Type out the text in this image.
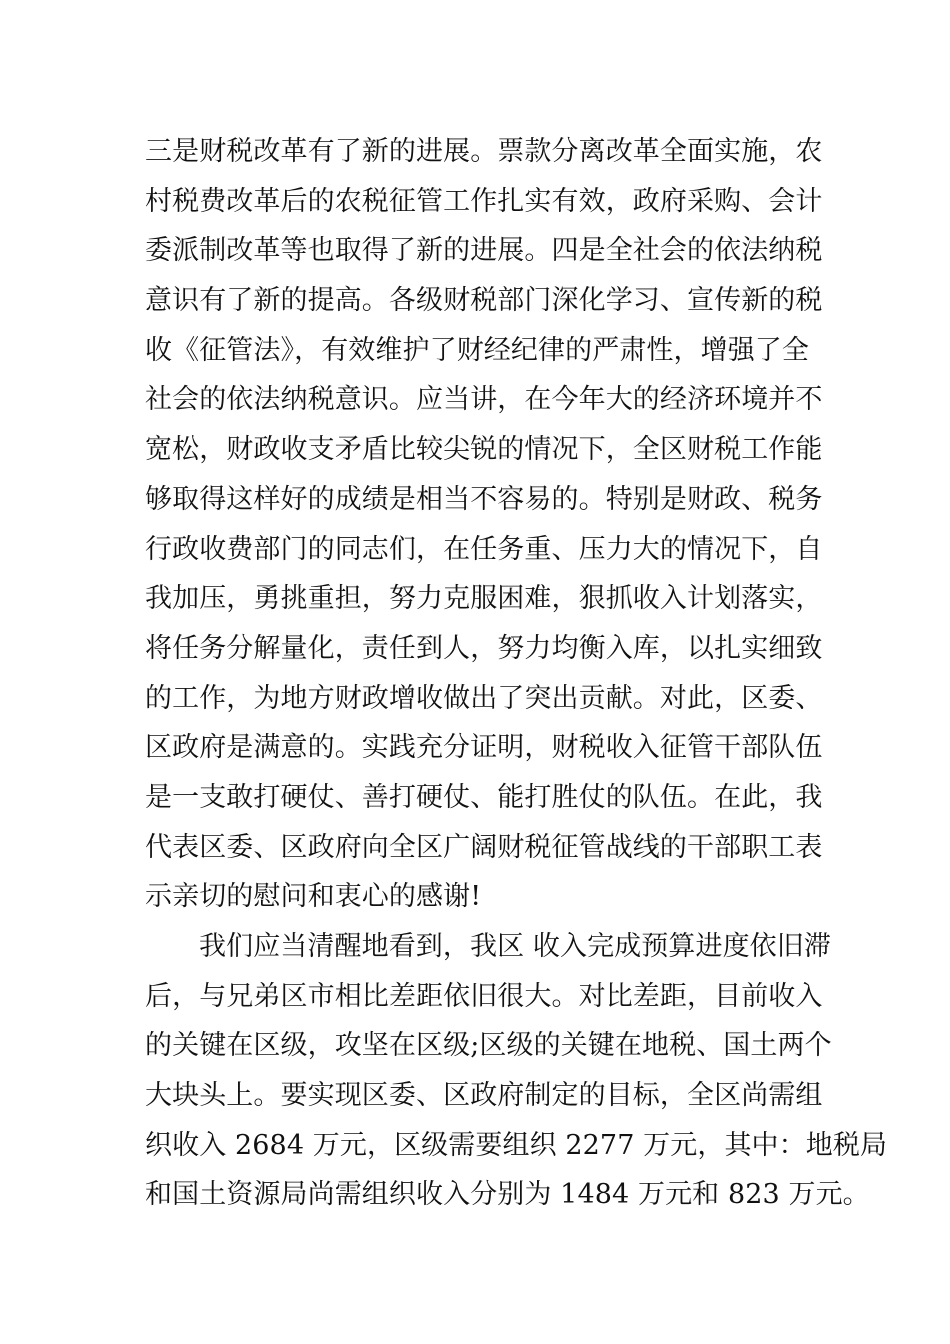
三是财税改革有了新的进展。票款分离改革全面实施，农
村税费改革后的农税征管工作扎实有效，政府采购、会计
委派制改革等也取得了新的进展。四是全社会的依法纳税
意识有了新的提高。各级财税部门深化学习、宣传新的税
收《征管法》，有效维护了财经纪律的严肃性，增强了全
社会的依法纳税意识。应当讲，在今年大的经济环境并不
宽松，财政收支矛盾比较尖锐的情况下，全区财税工作能
够取得这样好的成绩是相当不容易的。特别是财政、税务
行政收费部门的同志们，在任务重、压力大的情况下，自
我加压，勇挑重担，努力克服困难，狠抓收入计划落实，
将任务分解量化，责任到人，努力均衡入库，以扎实细致
的工作，为地方财政增收做出了突出贡献。对此，区委、
区政府是满意的。实践充分证明，财税收入征管干部队伍
是一支敢打硬仗、善打硬仗、能打胜仗的队伍。在此，我
代表区委、区政府向全区广阔财税征管战线的干部职工表
示亲切的慰问和衷心的感谢!
我们应当清醒地看到，我区 收入完成预算进度依旧滞
后，与兄弟区市相比差距依旧很大。对比差距，目前收入
的关键在区级，攻坚在区级;区级的关键在地税、国土两个
大块头上。要实现区委、区政府制定的目标，全区尚需组
织收入 2684 万元，区级需要组织 2277 万元，其中：地税局
和国土资源局尚需组织收入分别为 1484 万元和 823 万元。
